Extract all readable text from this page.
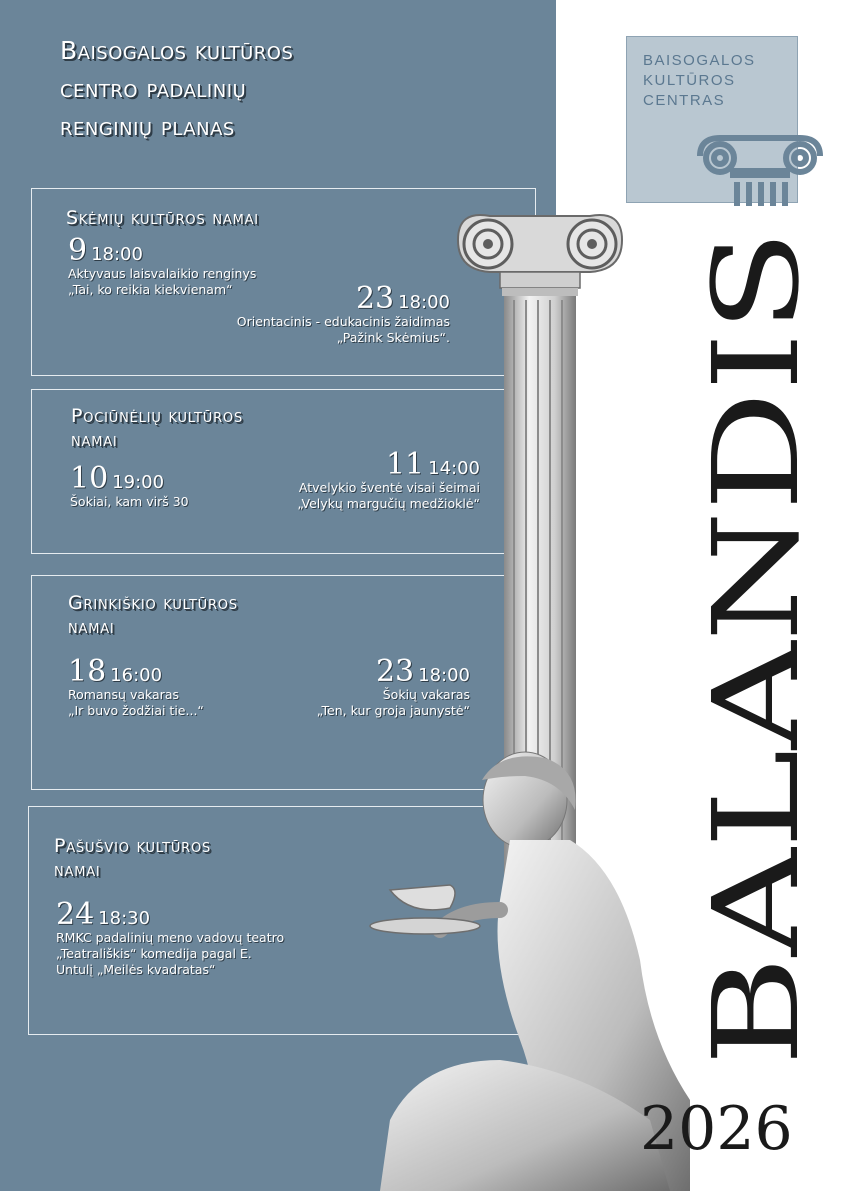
Baisogalos kultūros
centro padalinių
renginių planas
BAISOGALOS
KULTŪROS
CENTRAS
Skėmių kultūros namai
9 18:00
Aktyvaus laisvalaikio renginys
„Tai, ko reikia kiekvienam“	23 18:00
Orientacinis - edukacinis žaidimas
„Pažink Skėmius“.
Pociūnėlių kultūros
namai
10 19:00
Šokiai, kam virš 30
11 14:00
Atvelykio šventė visai šeimai
„Velykų margučių medžioklė“
Grinkiškio kultūros
namai
18 16:00
Romansų vakaras
„Ir buvo žodžiai tie...“
23 18:00
Šokių vakaras
„Ten, kur groja jaunystė“
Pašušvio kultūros
namai
24 18:30
RMKC padalinių meno vadovų teatro
„Teatrališkis“ komedija pagal E.
Untulį „Meilės kvadratas“	BALANDIS
2026
